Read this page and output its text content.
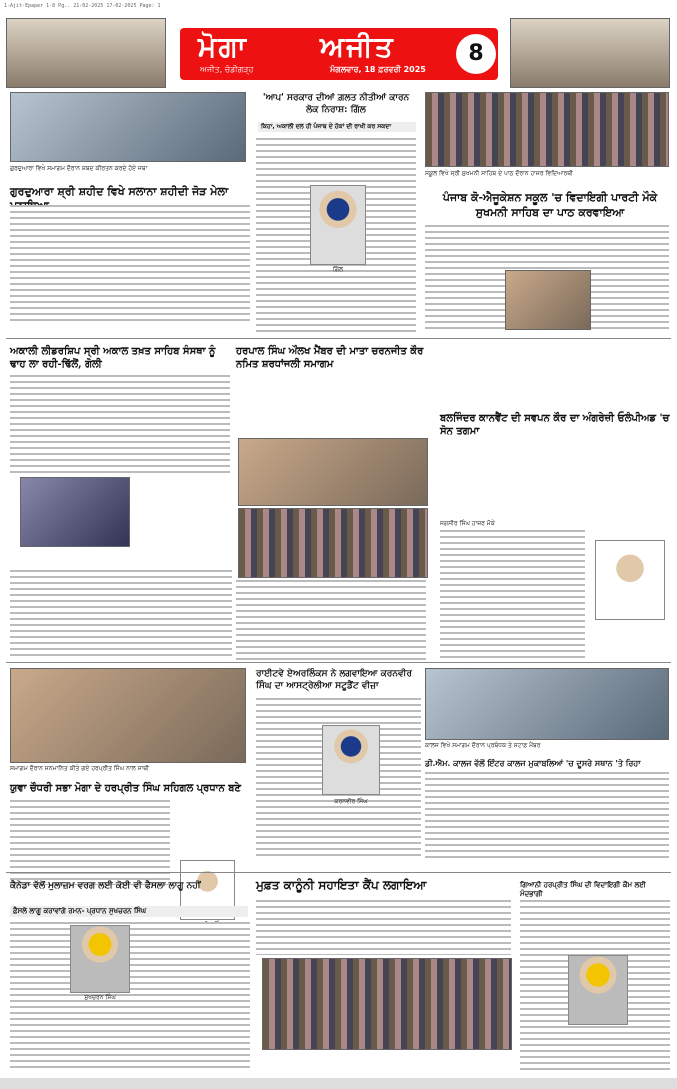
1-Ajit-Epaper 1-8 Pg.. 21-02-2025 17-02-2025 Page: 1
ਮੋਗਾ	ਅਜੀਤ
ਅਜੀਤ, ਚੰਡੀਗੜ੍ਹ	ਮੰਗਲਵਾਰ, 18 ਫ਼ਰਵਰੀ 2025
8
ਗੁਰਦੁਆਰਾ ਵਿਖੇ ਸਮਾਗਮ ਦੌਰਾਨ ਸ਼ਬਦ ਕੀਰਤਨ ਕਰਦੇ ਹੋਏ ਜਥਾ
ਗੁਰਦੁਆਰਾ ਸ਼੍ਰੀ ਸ਼ਹੀਦ ਵਿਖੇ ਸਲਾਨਾ ਸ਼ਹੀਦੀ ਜੋੜ ਮੇਲਾ
'ਆਪ' ਸਰਕਾਰ ਦੀਆਂ ਗ਼ਲਤ ਨੀਤੀਆਂ ਕਾਰਨ ਲੋਕ ਨਿਰਾਸ਼: ਗਿੱਲ
ਕਿਹਾ, ਅਕਾਲੀ ਦਲ ਹੀ ਪੰਜਾਬ ਦੇ ਹੱਕਾਂ ਦੀ ਰਾਖੀ ਕਰ ਸਕਦਾ
ਗਿੱਲ
ਸਕੂਲ ਵਿਖੇ ਸ੍ਰੀ ਸੁਖਮਨੀ ਸਾਹਿਬ ਦੇ ਪਾਠ ਦੌਰਾਨ ਹਾਜ਼ਰ ਵਿਦਿਆਰਥੀ
ਪੰਜਾਬ ਕੋ-ਐਜੂਕੇਸ਼ਨ ਸਕੂਲ 'ਚ ਵਿਦਾਇਗੀ ਪਾਰਟੀ ਮੌਕੇ ਸੁਖਮਨੀ ਸਾਹਿਬ ਦਾ ਪਾਠ ਕਰਵਾਇਆ
ਅਕਾਲੀ ਲੀਡਰਸ਼ਿਪ ਸ੍ਰੀ ਅਕਾਲ ਤਖ਼ਤ ਸਾਹਿਬ ਸੰਸਥਾ ਨੂੰ ਢਾਹ ਲਾ ਰਹੀ-ਢਿੱਲੋਂ, ਗੋਲੀ
ਹਰਪਾਲ ਸਿੰਘ ਔਲਖ ਮੈਂਬਰ ਦੀ ਮਾਤਾ ਚਰਨਜੀਤ ਕੌਰ ਨਮਿਤ ਸ਼ਰਧਾਂਜਲੀ ਸਮਾਗਮ
ਬਲਜਿੰਦਰ ਕਾਨਵੈਂਟ ਦੀ ਸਵਪਨ ਕੌਰ ਦਾ ਅੰਗਰੇਜ਼ੀ ਓਲੰਪੀਅਡ 'ਚ ਸੋਨ ਤਗਮਾ
ਜਗਸੀਰ ਸਿੰਘ ਹਾਜ਼ਰ ਮੌਕੇ
ਸਮਾਗਮ ਦੌਰਾਨ ਸਨਮਾਨਿਤ ਕੀਤੇ ਗਏ ਹਰਪ੍ਰੀਤ ਸਿੰਘ ਨਾਲ ਸਾਥੀ
ਯੁਵਾ ਚੌਧਰੀ ਸਭਾ ਮੋਗਾ ਦੇ ਹਰਪ੍ਰੀਤ ਸਿੰਘ ਸਹਿਗਲ ਪ੍ਰਧਾਨ ਬਣੇ
ਰਾਈਟਵੇ ਏਅਰਲਿੰਕਸ ਨੇ ਲਗਵਾਇਆ ਕਰਨਵੀਰ ਸਿੰਘ ਦਾ ਆਸਟ੍ਰੇਲੀਆ ਸਟੂਡੈਂਟ ਵੀਜ਼ਾ
ਕਰਨਵੀਰ ਸਿੰਘ
ਕਾਲਜ ਵਿਖੇ ਸਮਾਗਮ ਦੌਰਾਨ ਪ੍ਰਬੰਧਕ ਤੇ ਸਟਾਫ਼ ਮੈਂਬਰ
ਡੀ.ਐਮ. ਕਾਲਜ ਵੱਲੋਂ ਇੰਟਰ ਕਾਲਜ ਮੁਕਾਬਲਿਆਂ 'ਚ ਦੂਸਰੇ ਸਥਾਨ 'ਤੇ ਰਿਹਾ
ਕੈਨੇਡਾ ਵੱਲੋਂ ਮੁਲਾਜ਼ਮ ਵਰਗ ਲਈ ਕੋਈ ਵੀ ਫੈਸਲਾ ਲਾਗੂ ਨਹੀਂ
ਫ਼ੈਸਲੇ ਲਾਗੂ ਕਰਾਵਾਂਗੇ ਰਮਨ- ਪ੍ਰਧਾਨ ਸੁਖਚਰਨ ਸਿੰਘ
ਸੁਖਚਰਨ ਸਿੰਘ
ਮੁਫ਼ਤ ਕਾਨੂੰਨੀ ਸਹਾਇਤਾ ਕੈਂਪ ਲਗਾਇਆ	ਗਿਆਨੀ ਹਰਪ੍ਰੀਤ ਸਿੰਘ ਦੀ ਵਿਦਾਇਗੀ ਕੌਮ ਲਈ ਮੰਦਭਾਗੀ
